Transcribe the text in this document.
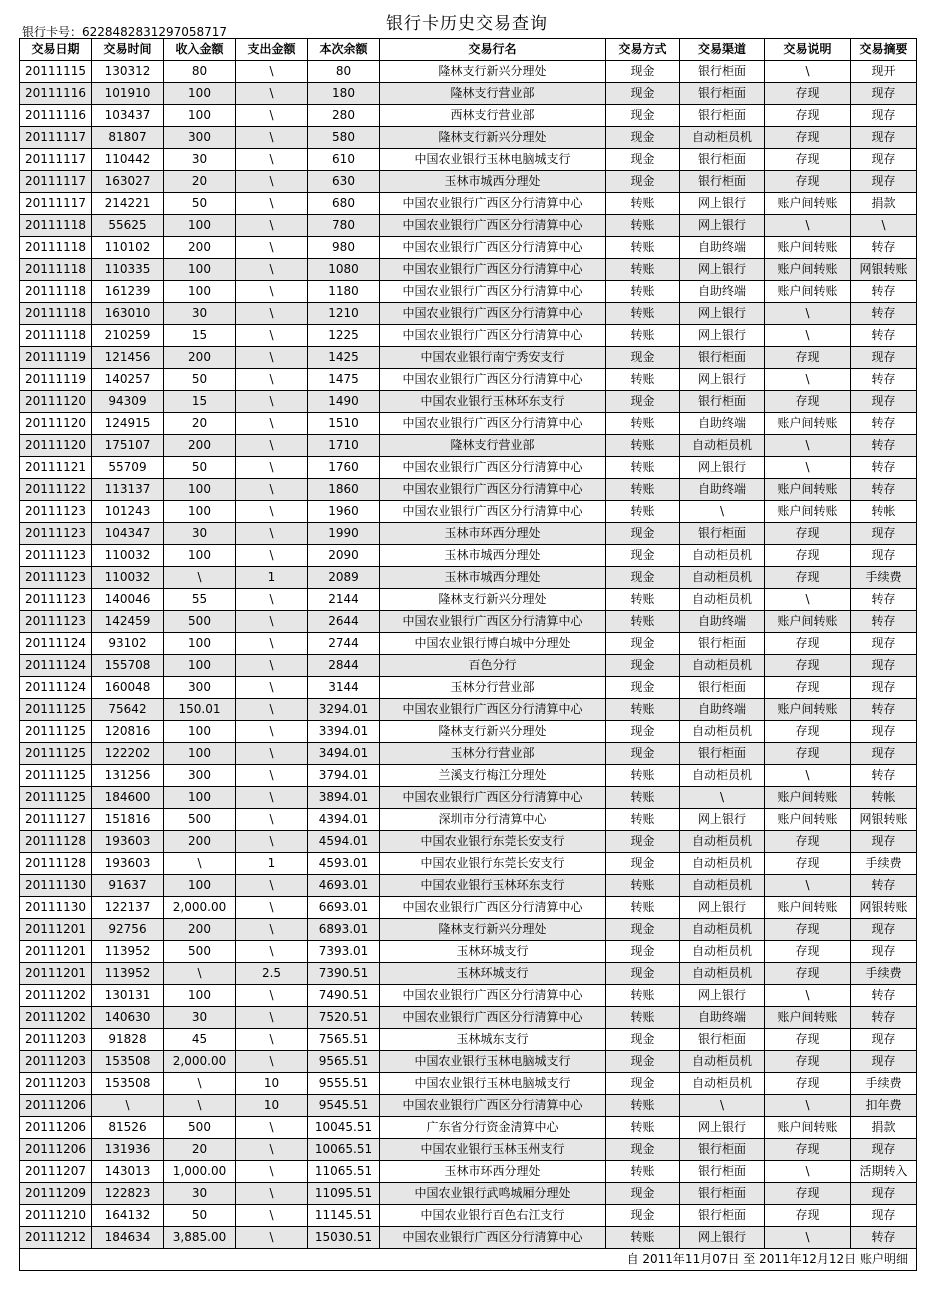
银行卡历史交易查询
银行卡号：6228482831297058717
交易日期	交易时间	收入金额	支出金额	本次余额	交易行名	交易方式	交易渠道	交易说明	交易摘要
20111115	130312	80	\	80	隆林支行新兴分理处	现金	银行柜面	\	现开
20111116	101910	100	\	180	隆林支行营业部	现金	银行柜面	存现	现存
20111116	103437	100	\	280	西林支行营业部	现金	银行柜面	存现	现存
20111117	81807	300	\	580	隆林支行新兴分理处	现金	自动柜员机	存现	现存
20111117	110442	30	\	610	中国农业银行玉林电脑城支行	现金	银行柜面	存现	现存
20111117	163027	20	\	630	玉林市城西分理处	现金	银行柜面	存现	现存
20111117	214221	50	\	680	中国农业银行广西区分行清算中心	转账	网上银行	账户间转账	捐款
20111118	55625	100	\	780	中国农业银行广西区分行清算中心	转账	网上银行	\	\
20111118	110102	200	\	980	中国农业银行广西区分行清算中心	转账	自助终端	账户间转账	转存
20111118	110335	100	\	1080	中国农业银行广西区分行清算中心	转账	网上银行	账户间转账	网银转账
20111118	161239	100	\	1180	中国农业银行广西区分行清算中心	转账	自助终端	账户间转账	转存
20111118	163010	30	\	1210	中国农业银行广西区分行清算中心	转账	网上银行	\	转存
20111118	210259	15	\	1225	中国农业银行广西区分行清算中心	转账	网上银行	\	转存
20111119	121456	200	\	1425	中国农业银行南宁秀安支行	现金	银行柜面	存现	现存
20111119	140257	50	\	1475	中国农业银行广西区分行清算中心	转账	网上银行	\	转存
20111120	94309	15	\	1490	中国农业银行玉林环东支行	现金	银行柜面	存现	现存
20111120	124915	20	\	1510	中国农业银行广西区分行清算中心	转账	自助终端	账户间转账	转存
20111120	175107	200	\	1710	隆林支行营业部	转账	自动柜员机	\	转存
20111121	55709	50	\	1760	中国农业银行广西区分行清算中心	转账	网上银行	\	转存
20111122	113137	100	\	1860	中国农业银行广西区分行清算中心	转账	自助终端	账户间转账	转存
20111123	101243	100	\	1960	中国农业银行广西区分行清算中心	转账	\	账户间转账	转帐
20111123	104347	30	\	1990	玉林市环西分理处	现金	银行柜面	存现	现存
20111123	110032	100	\	2090	玉林市城西分理处	现金	自动柜员机	存现	现存
20111123	110032	\	1	2089	玉林市城西分理处	现金	自动柜员机	存现	手续费
20111123	140046	55	\	2144	隆林支行新兴分理处	转账	自动柜员机	\	转存
20111123	142459	500	\	2644	中国农业银行广西区分行清算中心	转账	自助终端	账户间转账	转存
20111124	93102	100	\	2744	中国农业银行博白城中分理处	现金	银行柜面	存现	现存
20111124	155708	100	\	2844	百色分行	现金	自动柜员机	存现	现存
20111124	160048	300	\	3144	玉林分行营业部	现金	银行柜面	存现	现存
20111125	75642	150.01	\	3294.01	中国农业银行广西区分行清算中心	转账	自助终端	账户间转账	转存
20111125	120816	100	\	3394.01	隆林支行新兴分理处	现金	自动柜员机	存现	现存
20111125	122202	100	\	3494.01	玉林分行营业部	现金	银行柜面	存现	现存
20111125	131256	300	\	3794.01	兰溪支行梅江分理处	转账	自动柜员机	\	转存
20111125	184600	100	\	3894.01	中国农业银行广西区分行清算中心	转账	\	账户间转账	转帐
20111127	151816	500	\	4394.01	深圳市分行清算中心	转账	网上银行	账户间转账	网银转账
20111128	193603	200	\	4594.01	中国农业银行东莞长安支行	现金	自动柜员机	存现	现存
20111128	193603	\	1	4593.01	中国农业银行东莞长安支行	现金	自动柜员机	存现	手续费
20111130	91637	100	\	4693.01	中国农业银行玉林环东支行	转账	自动柜员机	\	转存
20111130	122137	2,000.00	\	6693.01	中国农业银行广西区分行清算中心	转账	网上银行	账户间转账	网银转账
20111201	92756	200	\	6893.01	隆林支行新兴分理处	现金	自动柜员机	存现	现存
20111201	113952	500	\	7393.01	玉林环城支行	现金	自动柜员机	存现	现存
20111201	113952	\	2.5	7390.51	玉林环城支行	现金	自动柜员机	存现	手续费
20111202	130131	100	\	7490.51	中国农业银行广西区分行清算中心	转账	网上银行	\	转存
20111202	140630	30	\	7520.51	中国农业银行广西区分行清算中心	转账	自助终端	账户间转账	转存
20111203	91828	45	\	7565.51	玉林城东支行	现金	银行柜面	存现	现存
20111203	153508	2,000.00	\	9565.51	中国农业银行玉林电脑城支行	现金	自动柜员机	存现	现存
20111203	153508	\	10	9555.51	中国农业银行玉林电脑城支行	现金	自动柜员机	存现	手续费
20111206	\	\	10	9545.51	中国农业银行广西区分行清算中心	转账	\	\	扣年费
20111206	81526	500	\	10045.51	广东省分行资金清算中心	转账	网上银行	账户间转账	捐款
20111206	131936	20	\	10065.51	中国农业银行玉林玉州支行	现金	银行柜面	存现	现存
20111207	143013	1,000.00	\	11065.51	玉林市环西分理处	转账	银行柜面	\	活期转入
20111209	122823	30	\	11095.51	中国农业银行武鸣城厢分理处	现金	银行柜面	存现	现存
20111210	164132	50	\	11145.51	中国农业银行百色右江支行	现金	银行柜面	存现	现存
20111212	184634	3,885.00	\	15030.51	中国农业银行广西区分行清算中心	转账	网上银行	\	转存
自 2011年11月07日 至 2011年12月12日 账户明细									
